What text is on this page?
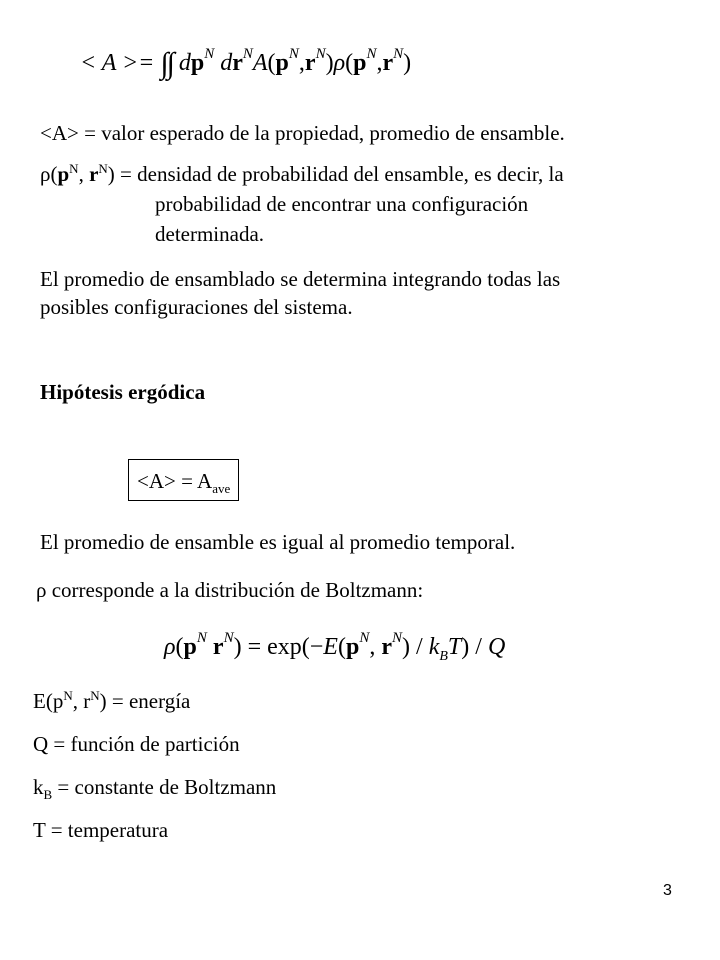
< A >= ∫∫ $dp^N$ $dr^NA(p^N,r^N)\rho(p^N,r^N)$
<A> = valor esperado de la propiedad, promedio de ensamble.
$\rho(p^N$, $r^N$) = densidad de probabilidad del ensamble, es decir, la
probabilidad de encontrar una configuración
determinada.
El promedio de ensamblado se determina integrando todas las
posibles configuraciones del sistema.
Hipótesis ergódica
$<A> = A_{ave}$
El promedio de ensamble es igual al promedio temporal.
ρ corresponde a la distribución de Boltzmann:
$\rho(p^N$ $r^N) = \exp(-E(p^N$, $r^N) / k_BT$) / Q
$E(p^N$, $r^N$) = energía
Q = función de partición
$k_B$ = constante de Boltzmann
T = temperatura
3
